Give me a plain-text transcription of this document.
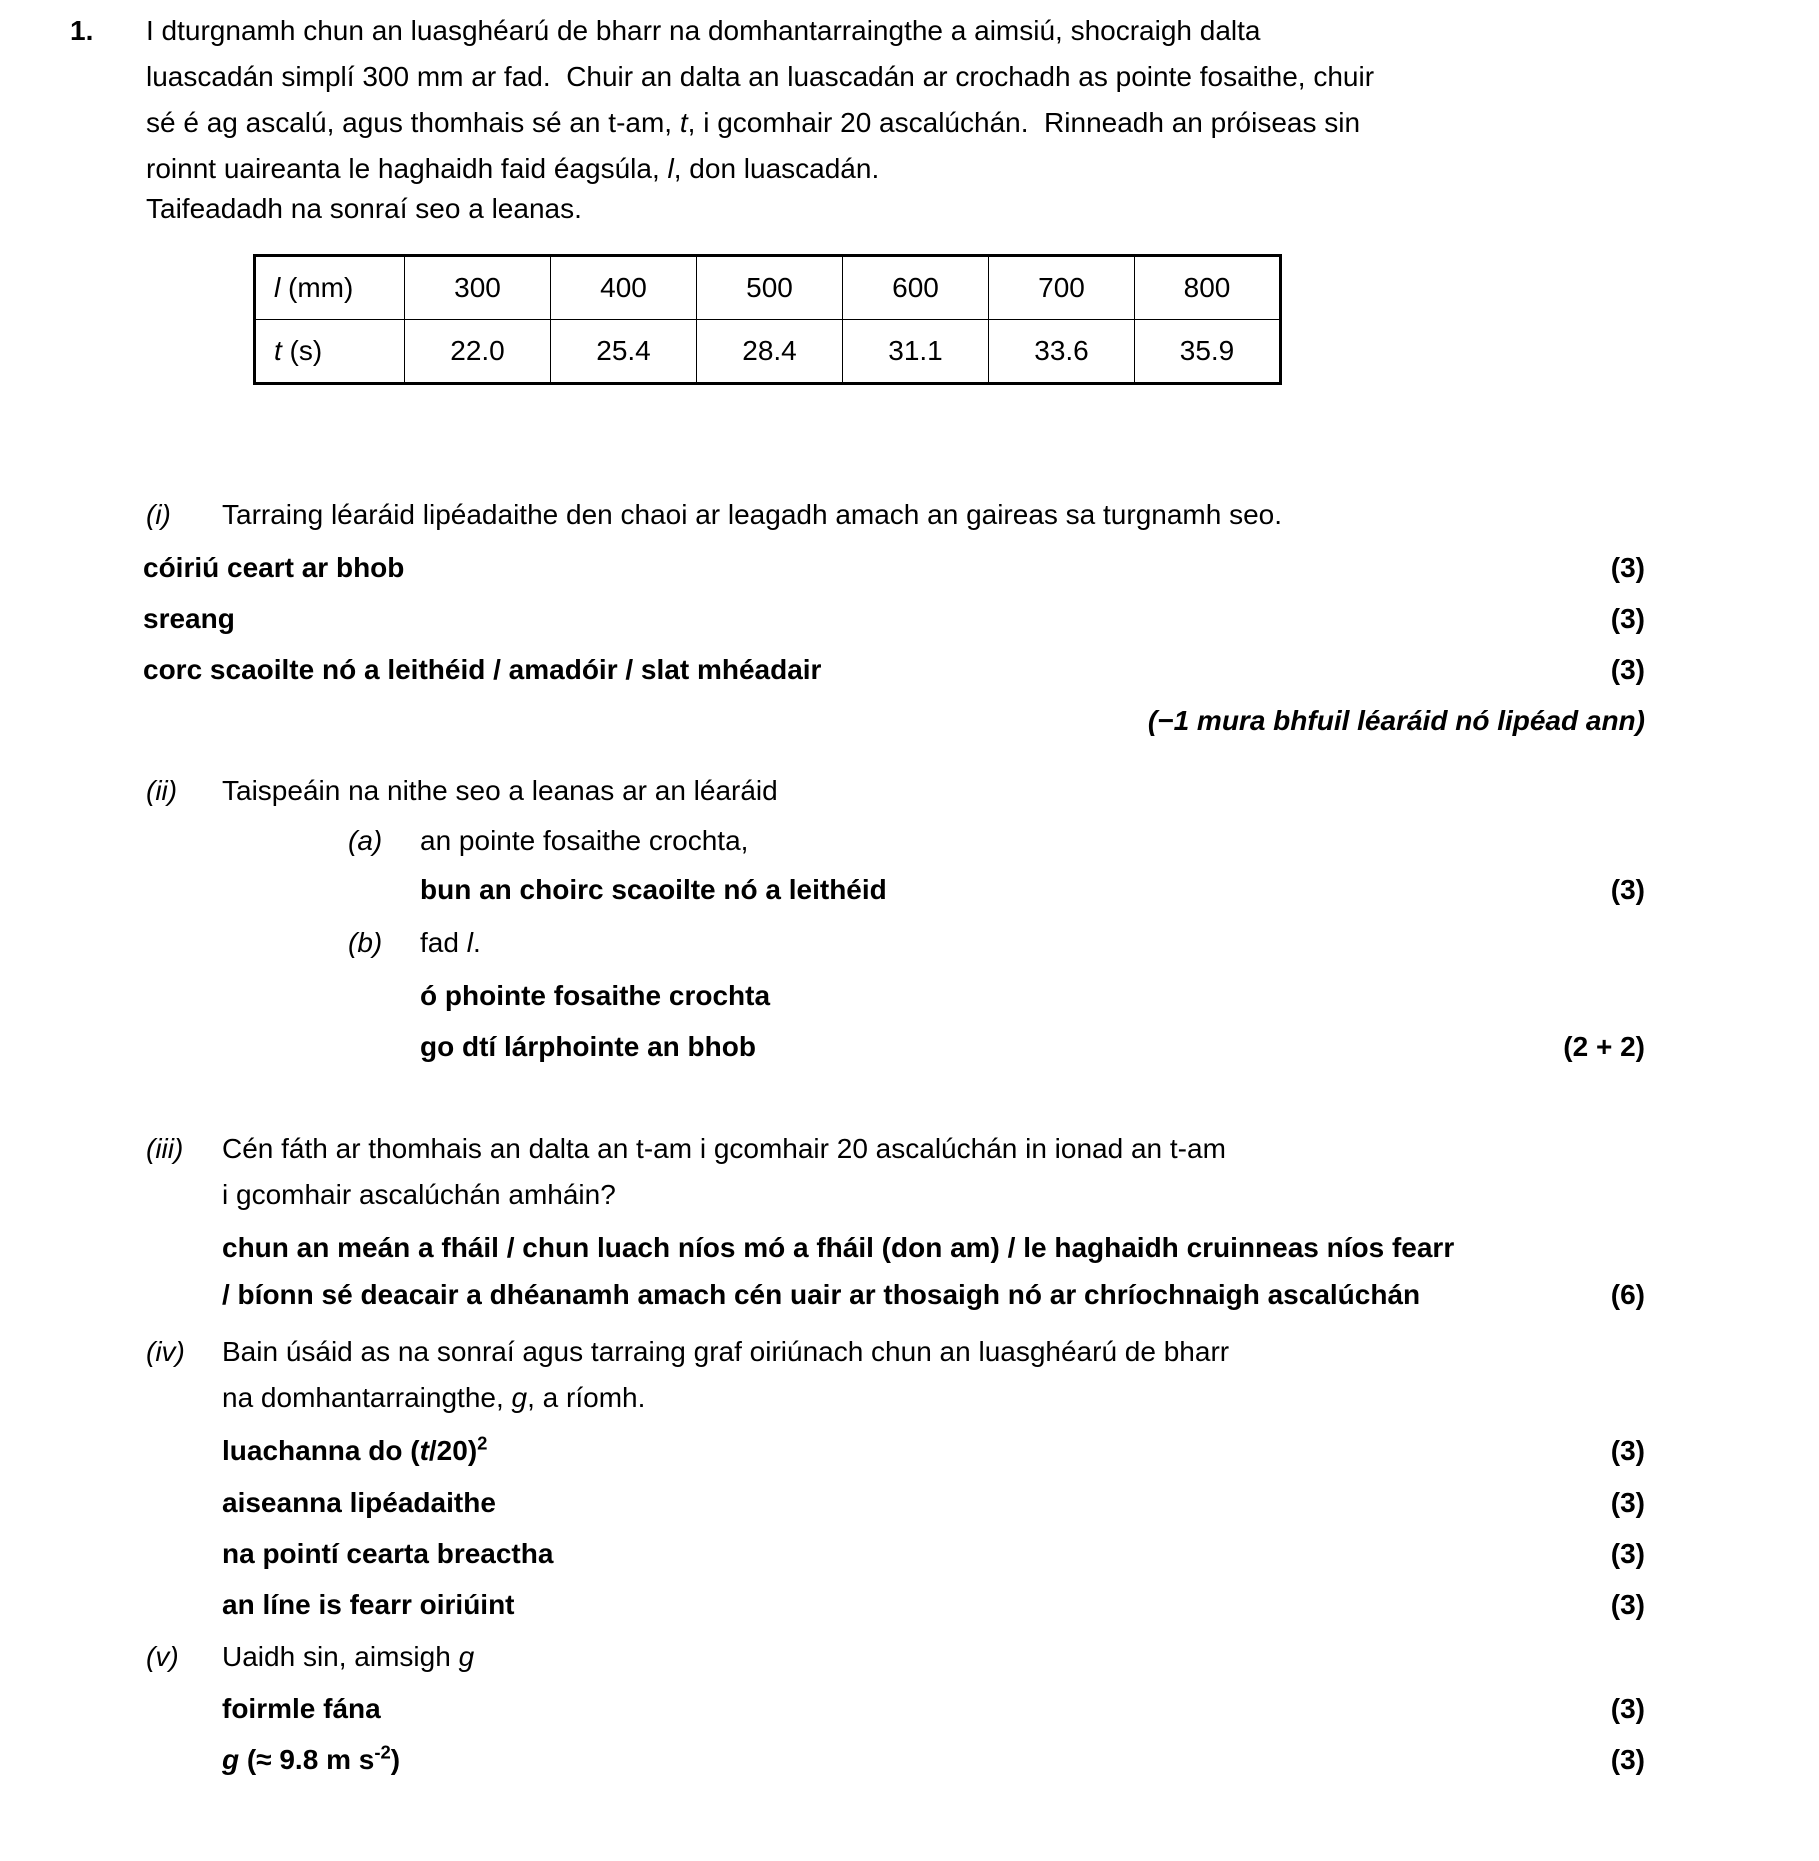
1.	I dturgnamh chun an luasghéarú de bharr na domhantarraingthe a aimsiú, shocraigh dalta
luascadán simplí 300 mm ar fad.  Chuir an dalta an luascadán ar crochadh as pointe fosaithe, chuir
sé é ag ascalú, agus thomhais sé an t-am, t, i gcomhair 20 ascalúchán.  Rinneadh an próiseas sin
roinnt uaireanta le haghaidh faid éagsúla, l, don luascadán.
Taifeadadh na sonraí seo a leanas.
l (mm)	300	400	500	600	700	800
t (s)	22.0	25.4	28.4	31.1	33.6	35.9
(i) Tarraing léaráid lipéadaithe den chaoi ar leagadh amach an gaireas sa turgnamh seo.
cóiriú ceart ar bhob	(3)
sreang	(3)
corc scaoilte nó a leithéid / amadóir / slat mhéadair	(3)
(−1 mura bhfuil léaráid nó lipéad ann)
(ii) Taispeáin na nithe seo a leanas ar an léaráid
(a) an pointe fosaithe crochta,
bun an choirc scaoilte nó a leithéid	(3)
(b) fad l.
ó phointe fosaithe crochta
go dtí lárphointe an bhob	(2 + 2)
(iii) Cén fáth ar thomhais an dalta an t-am i gcomhair 20 ascalúchán in ionad an t-am
i gcomhair ascalúchán amháin?
chun an meán a fháil / chun luach níos mó a fháil (don am) / le haghaidh cruinneas níos fearr
/ bíonn sé deacair a dhéanamh amach cén uair ar thosaigh nó ar chríochnaigh ascalúchán	(6)
(iv) Bain úsáid as na sonraí agus tarraing graf oiriúnach chun an luasghéarú de bharr
na domhantarraingthe, g, a ríomh.
luachanna do $(t/20)^2$	(3)
aiseanna lipéadaithe	(3)
na pointí cearta breactha	(3)
an líne is fearr oiriúint	(3)
(v) Uaidh sin, aimsigh g
foirmle fána	(3)
g (≈ 9.8 m $s^{-2}$)	(3)
